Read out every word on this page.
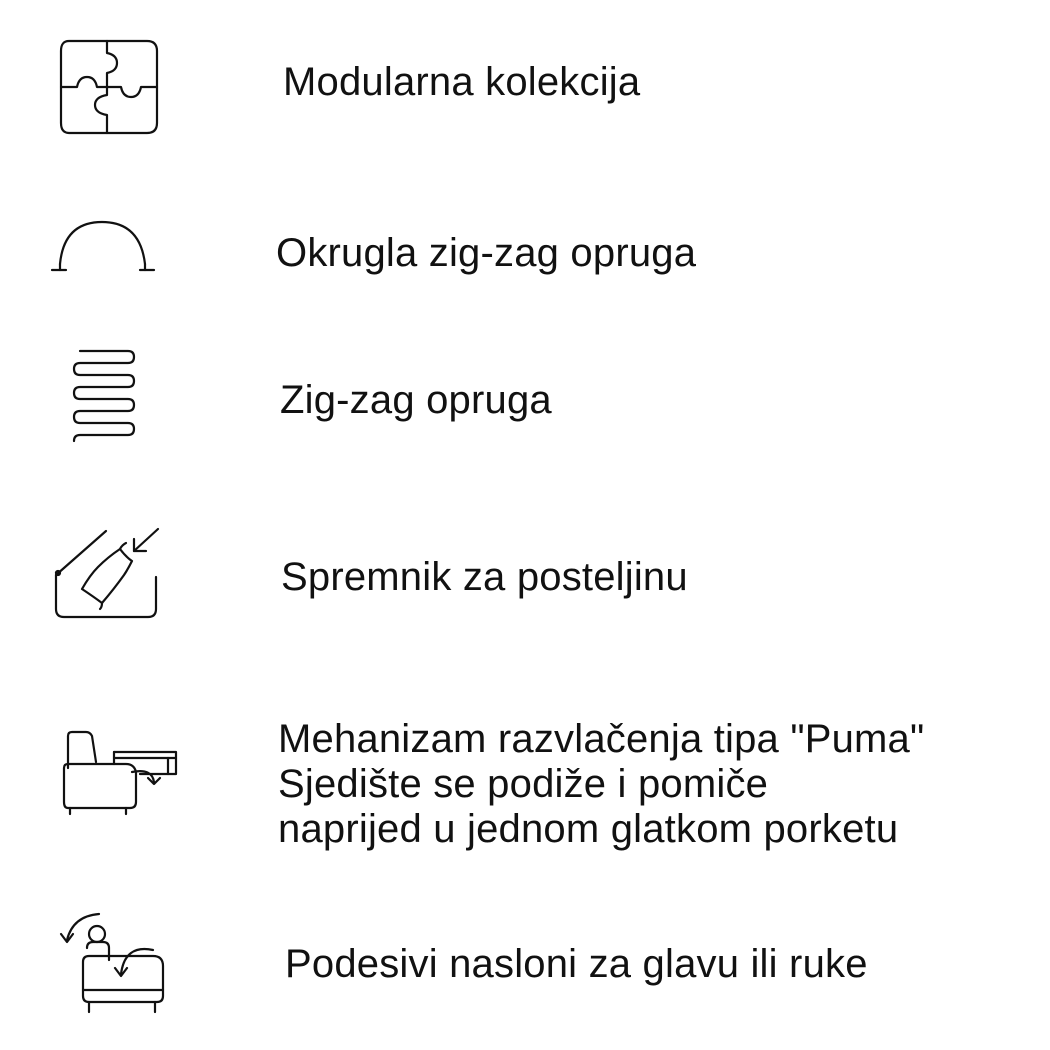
Modularna kolekcija
Okrugla zig-zag opruga
Zig-zag opruga
Spremnik za posteljinu
Mehanizam razvlačenja tipa "Puma"
Sjedište se podiže i pomiče
naprijed u jednom glatkom porketu
Podesivi nasloni za glavu ili ruke
